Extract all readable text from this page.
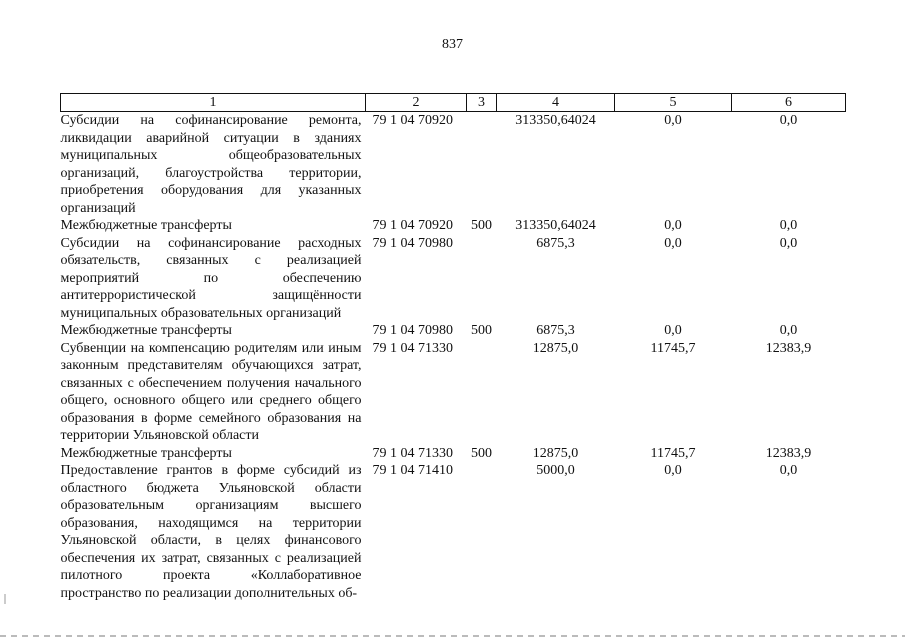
837
1	2	3	4	5	6
Субсидии на софинансирование ремонта, ликвидации аварийной ситуации в зданиях муниципальных общеобразовательных организаций, благоустройства территории, приобретения оборудования для указанных организаций	79 1 04 70920		313350,64024	0,0	0,0
Межбюджетные трансферты	79 1 04 70920	500	313350,64024	0,0	0,0
Субсидии на софинансирование расходных обязательств, связанных с реализацией мероприятий по обеспечению антитеррористической защищённости муниципальных образовательных организаций	79 1 04 70980		6875,3	0,0	0,0
Межбюджетные трансферты	79 1 04 70980	500	6875,3	0,0	0,0
Субвенции на компенсацию родителям или иным законным представителям обучающихся затрат, связанных с обеспечением получения начального общего, основного общего или среднего общего образования в форме семейного образования на территории Ульяновской области	79 1 04 71330		12875,0	11745,7	12383,9
Межбюджетные трансферты	79 1 04 71330	500	12875,0	11745,7	12383,9
Предоставление грантов в форме субсидий из областного бюджета Ульяновской области образовательным организациям высшего образования, находящимся на территории Ульяновской области, в целях финансового обеспечения их затрат, связанных с реализацией пилотного проекта «Коллаборативное пространство по реализации дополнительных об-	79 1 04 71410		5000,0	0,0	0,0
